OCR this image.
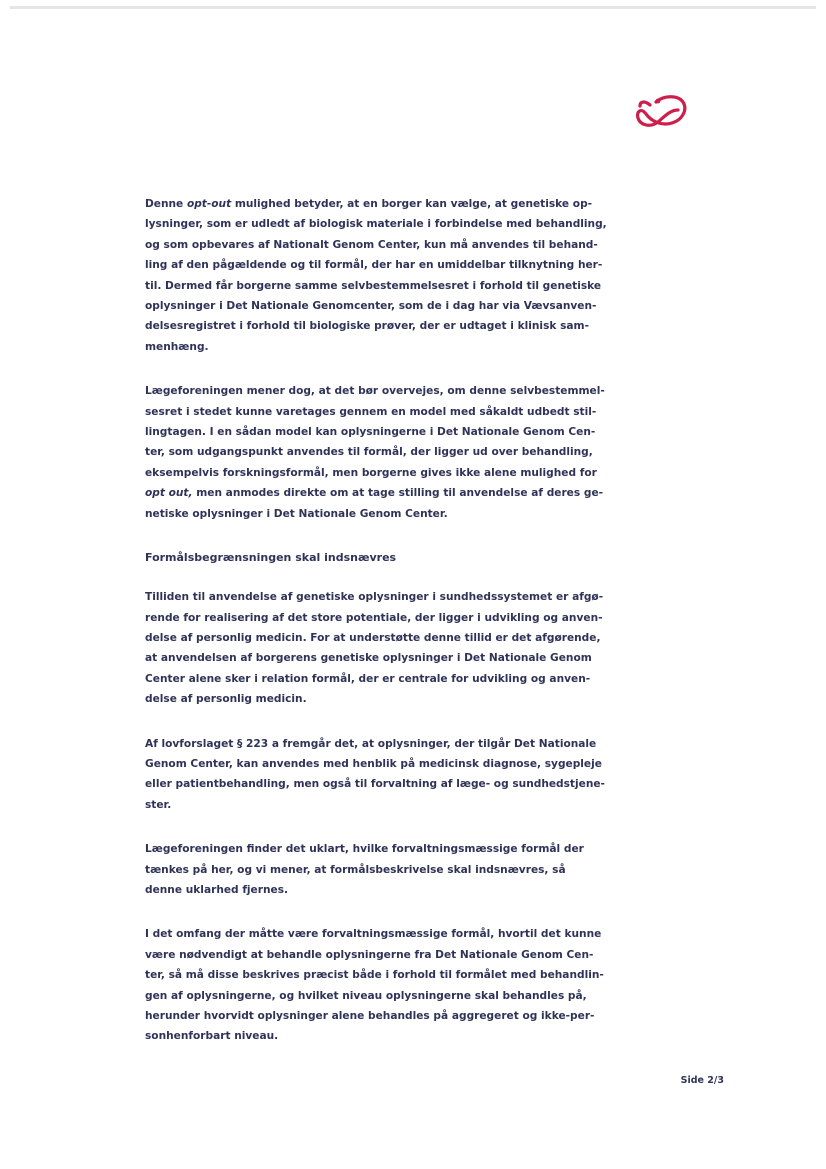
Denne opt-out mulighed betyder, at en borger kan vælge, at genetiske op-
lysninger, som er udledt af biologisk materiale i forbindelse med behandling,
og som opbevares af Nationalt Genom Center, kun må anvendes til behand-
ling af den pågældende og til formål, der har en umiddelbar tilknytning her-
til. Dermed får borgerne samme selvbestemmelsesret i forhold til genetiske
oplysninger i Det Nationale Genomcenter, som de i dag har via Vævsanven-
delsesregistret i forhold til biologiske prøver, der er udtaget i klinisk sam-
menhæng.

Lægeforeningen mener dog, at det bør overvejes, om denne selvbestemmel-
sesret i stedet kunne varetages gennem en model med såkaldt udbedt stil-
lingtagen. I en sådan model kan oplysningerne i Det Nationale Genom Cen-
ter, som udgangspunkt anvendes til formål, der ligger ud over behandling,
eksempelvis forskningsformål, men borgerne gives ikke alene mulighed for
opt out, men anmodes direkte om at tage stilling til anvendelse af deres ge-
netiske oplysninger i Det Nationale Genom Center.

Formålsbegrænsningen skal indsnævres

Tilliden til anvendelse af genetiske oplysninger i sundhedssystemet er afgø-
rende for realisering af det store potentiale, der ligger i udvikling og anven-
delse af personlig medicin. For at understøtte denne tillid er det afgørende,
at anvendelsen af borgerens genetiske oplysninger i Det Nationale Genom
Center alene sker i relation formål, der er centrale for udvikling og anven-
delse af personlig medicin.

Af lovforslaget § 223 a fremgår det, at oplysninger, der tilgår Det Nationale
Genom Center, kan anvendes med henblik på medicinsk diagnose, sygepleje
eller patientbehandling, men også til forvaltning af læge- og sundhedstjene-
ster.

Lægeforeningen finder det uklart, hvilke forvaltningsmæssige formål der
tænkes på her, og vi mener, at formålsbeskrivelse skal indsnævres, så
denne uklarhed fjernes.

I det omfang der måtte være forvaltningsmæssige formål, hvortil det kunne
være nødvendigt at behandle oplysningerne fra Det Nationale Genom Cen-
ter, så må disse beskrives præcist både i forhold til formålet med behandlin-
gen af oplysningerne, og hvilket niveau oplysningerne skal behandles på,
herunder hvorvidt oplysninger alene behandles på aggregeret og ikke-per-
sonhenforbart niveau.

Side 2/3
